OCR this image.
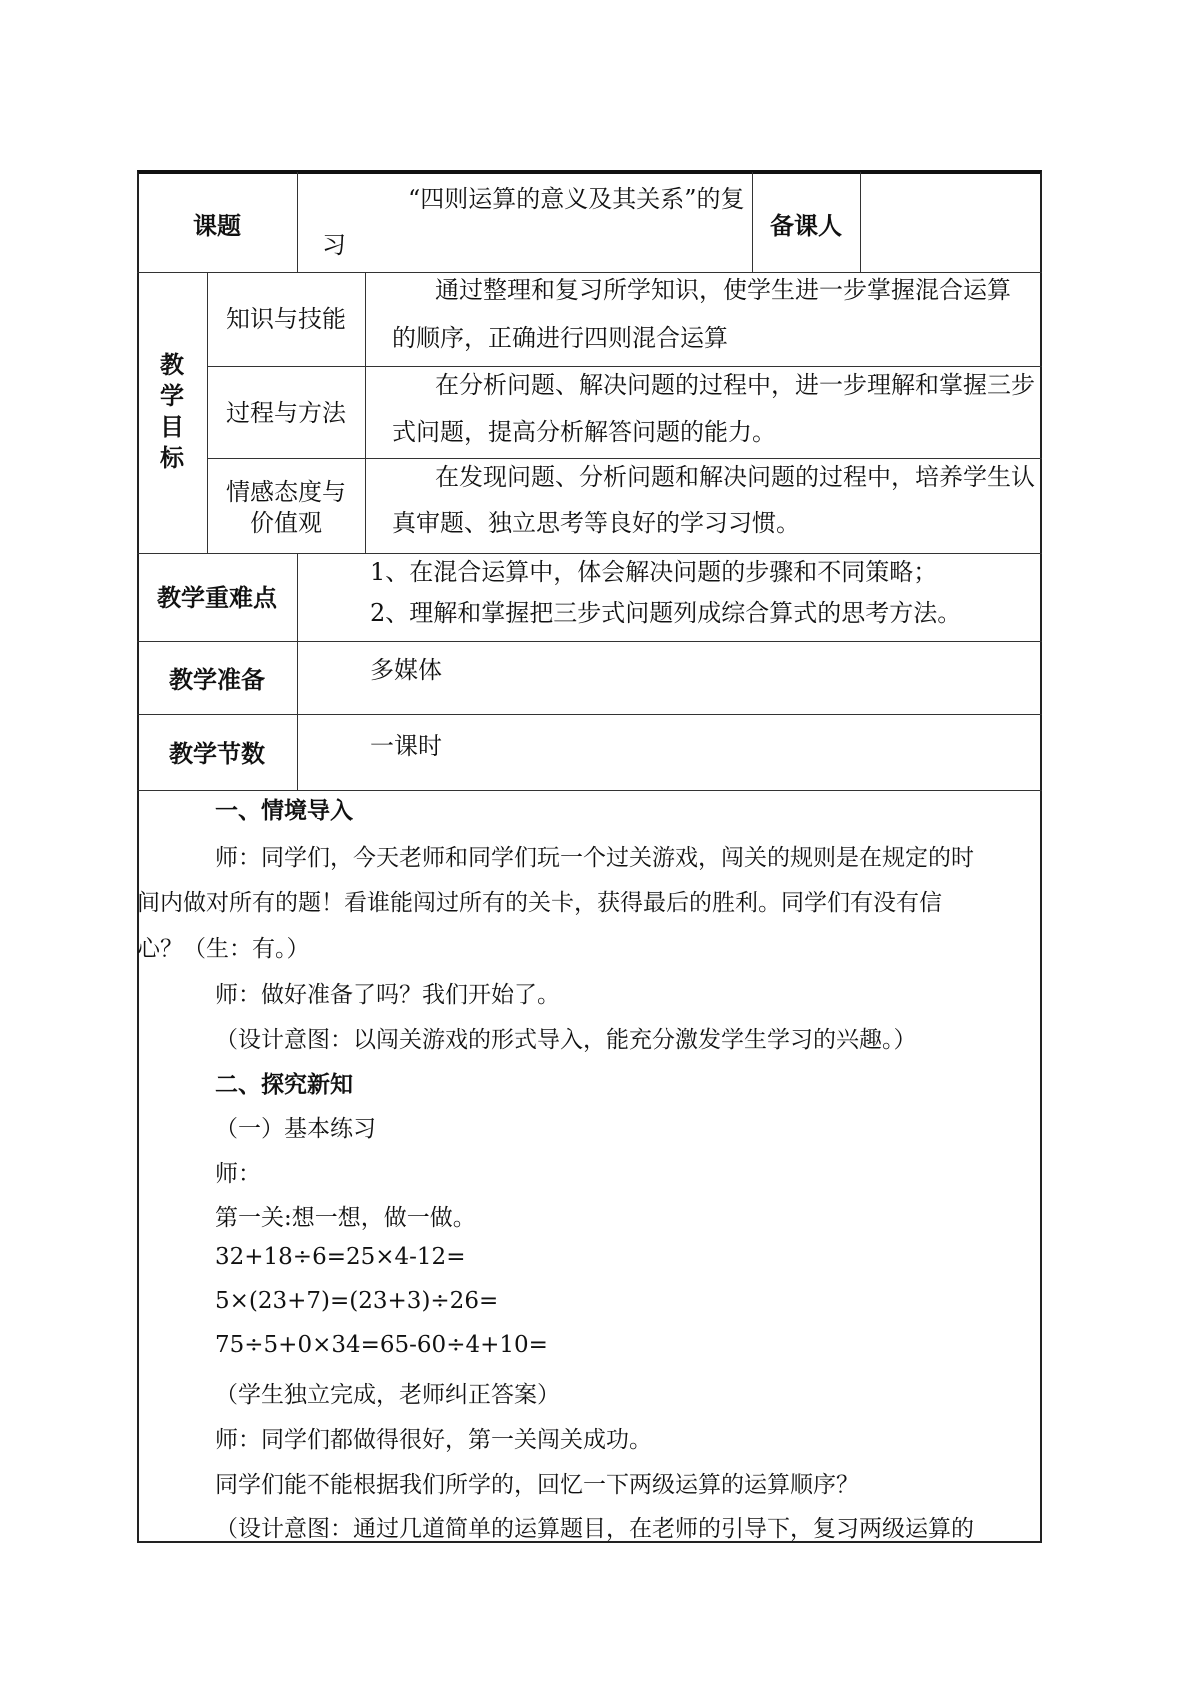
课题
“四则运算的意义及其关系”的复
习
备课人
教
学
目
标
知识与技能
通过整理和复习所学知识，使学生进一步掌握混合运算
的顺序，正确进行四则混合运算
过程与方法
在分析问题、解决问题的过程中，进一步理解和掌握三步
式问题，提高分析解答问题的能力。
情感态度与
价值观
在发现问题、分析问题和解决问题的过程中，培养学生认
真审题、独立思考等良好的学习习惯。
教学重难点
1、在混合运算中，体会解决问题的步骤和不同策略；
2、理解和掌握把三步式问题列成综合算式的思考方法。
教学准备	多媒体
教学节数	一课时
一、情境导入
师：同学们，今天老师和同学们玩一个过关游戏，闯关的规则是在规定的时
间内做对所有的题！看谁能闯过所有的关卡，获得最后的胜利。同学们有没有信
心？（生：有。）
师：做好准备了吗？我们开始了。
（设计意图：以闯关游戏的形式导入，能充分激发学生学习的兴趣。）
二、探究新知
（一）基本练习
师：
第一关:想一想，做一做。
32+18÷6=25×4-12=
5×(23+7)=(23+3)÷26=
75÷5+0×34=65-60÷4+10=
（学生独立完成，老师纠正答案）
师：同学们都做得很好，第一关闯关成功。
同学们能不能根据我们所学的，回忆一下两级运算的运算顺序？
（设计意图：通过几道简单的运算题目，在老师的引导下，复习两级运算的
